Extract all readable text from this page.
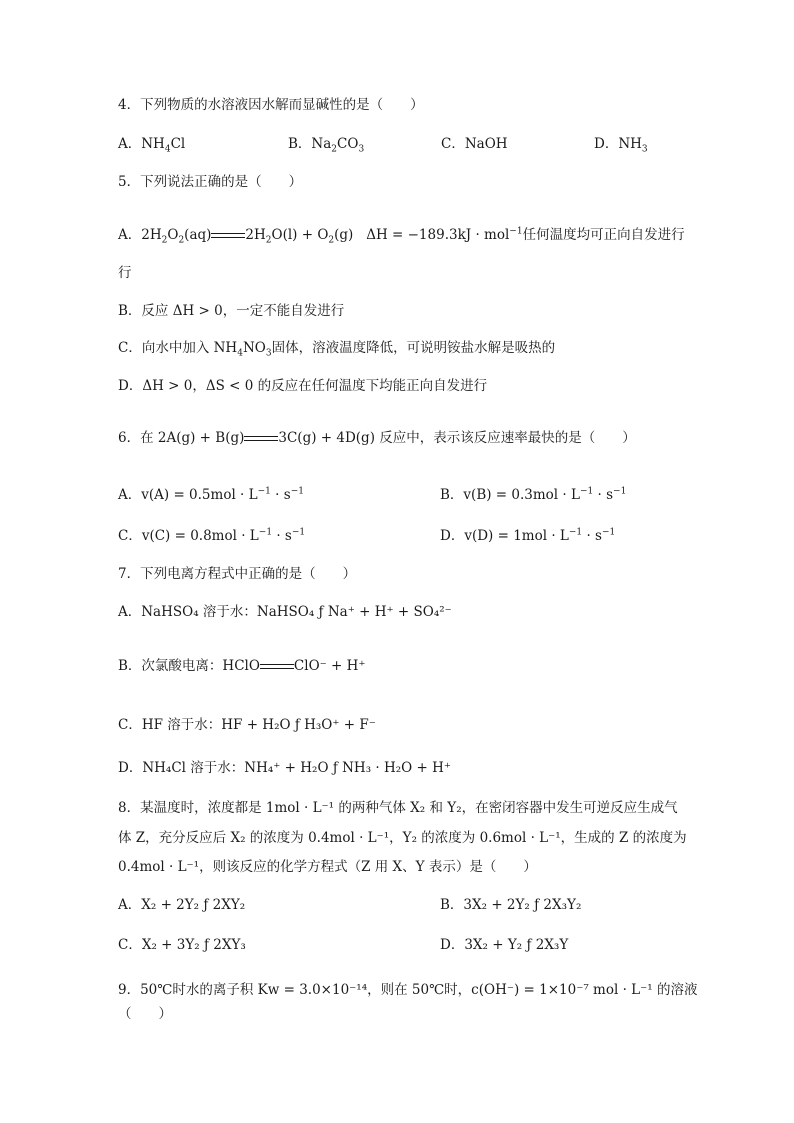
4．下列物质的水溶液因水解而显碱性的是（　　）
A．$NH_4Cl$	B．$Na_2CO_3$	C．NaOH	D．$NH_3$
5．下列说法正确的是（　　）
A．$2H_2O_2(aq)$	$2H_2O(l) + O_2(g) \Delta H = -189.3kJ \cdot mol^{-1}$任何温度均可正向自发进行
行
B．反应 ΔH > 0，一定不能自发进行
C．向水中加入 $NH_4NO_3$固体，溶液温度降低，可说明铵盐水解是吸热的
D．ΔH > 0，ΔS < 0 的反应在任何温度下均能正向自发进行
6．在 2A(g) + B(g)	3C(g) + 4D(g) 反应中，表示该反应速率最快的是（　　）
A．$v(A) = 0.5mol \cdot L^{-1} \cdot s^{-1}$	B．$v(B) = 0.3mol \cdot L^{-1} \cdot s^{-1}$
C．$v(C) = 0.8mol \cdot L^{-1} \cdot s^{-1}$	D．$v(D) = 1mol \cdot L^{-1} \cdot s^{-1}$
7．下列电离方程式中正确的是（　　）
A．NaHSO₄ 溶于水：NaHSO₄ ƒ Na⁺ + H⁺ + SO₄²⁻
B．次氯酸电离：HClO	ClO⁻ + H⁺
C．HF 溶于水：HF + H₂O ƒ H₃O⁺ + F⁻
D．NH₄Cl 溶于水：NH₄⁺ + H₂O ƒ NH₃ · H₂O + H⁺
8．某温度时，浓度都是 1mol · L⁻¹ 的两种气体 X₂ 和 Y₂，在密闭容器中发生可逆反应生成气
体 Z，充分反应后 X₂ 的浓度为 0.4mol · L⁻¹，Y₂ 的浓度为 0.6mol · L⁻¹，生成的 Z 的浓度为
0.4mol · L⁻¹，则该反应的化学方程式（Z 用 X、Y 表示）是（　　）
A．X₂ + 2Y₂ ƒ 2XY₂	B．3X₂ + 2Y₂ ƒ 2X₃Y₂
C．X₂ + 3Y₂ ƒ 2XY₃	D．3X₂ + Y₂ ƒ 2X₃Y
9．50℃时水的离子积 Kw = 3.0×10⁻¹⁴，则在 50℃时，c(OH⁻) = 1×10⁻⁷ mol · L⁻¹ 的溶液
（　　）
